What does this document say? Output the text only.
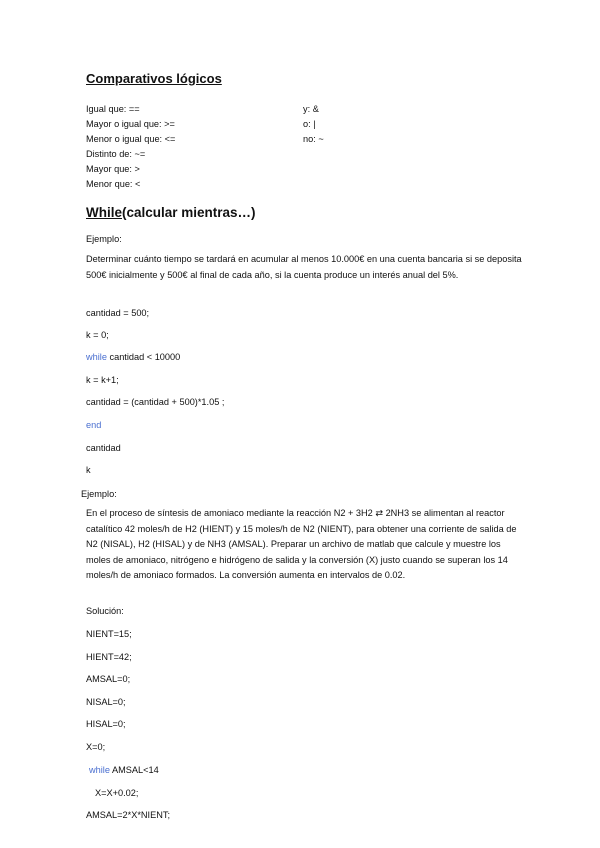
Comparativos lógicos
Igual que: ==
Mayor o igual que: >=
Menor o igual que: <=
Distinto de: ~=
Mayor que: >
Menor que: <
y: &
o: |
no: ~
While(calcular mientras…)
Ejemplo:
Determinar cuánto tiempo se tardará en acumular al menos 10.000€ en una cuenta bancaria si se deposita 500€ inicialmente y 500€ al final de cada año, si la cuenta produce un interés anual del 5%.
cantidad = 500;
k = 0;
while cantidad < 10000
k = k+1;
cantidad = (cantidad + 500)*1.05 ;
end
cantidad
k
Ejemplo:
En el proceso de síntesis de amoniaco mediante la reacción N2 + 3H2 ⇄ 2NH3 se alimentan al reactor catalítico 42 moles/h de H2 (HIENT) y 15 moles/h de N2 (NIENT), para obtener una corriente de salida de N2 (NISAL), H2 (HISAL) y de NH3 (AMSAL). Preparar un archivo de matlab que calcule y muestre los moles de amoniaco, nitrógeno e hidrógeno de salida y la conversión (X) justo cuando se superan los 14 moles/h de amoniaco formados. La conversión aumenta en intervalos de 0.02.
Solución:
NIENT=15;
HIENT=42;
AMSAL=0;
NISAL=0;
HISAL=0;
X=0;
while AMSAL<14
X=X+0.02;
AMSAL=2*X*NIENT;
